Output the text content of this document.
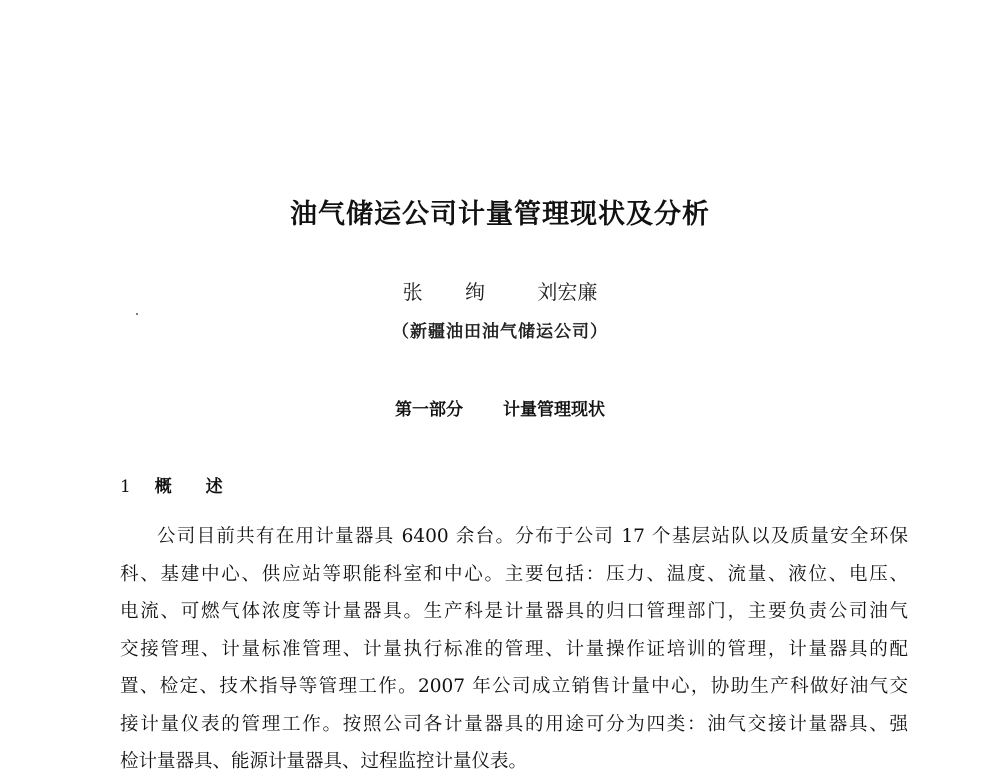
油气储运公司计量管理现状及分析
张 绚 刘宏廉
（新疆油田油气储运公司）
第一部分 计量管理现状
1 概 述
公司目前共有在用计量器具 6400 余台。分布于公司 17 个基层站队以及质量安全环保
科、基建中心、供应站等职能科室和中心。主要包括：压力、温度、流量、液位、电压、
电流、可燃气体浓度等计量器具。生产科是计量器具的归口管理部门，主要负责公司油气
交接管理、计量标准管理、计量执行标准的管理、计量操作证培训的管理，计量器具的配
置、检定、技术指导等管理工作。2007 年公司成立销售计量中心，协助生产科做好油气交
接计量仪表的管理工作。按照公司各计量器具的用途可分为四类：油气交接计量器具、强
检计量器具、能源计量器具、过程监控计量仪表。
